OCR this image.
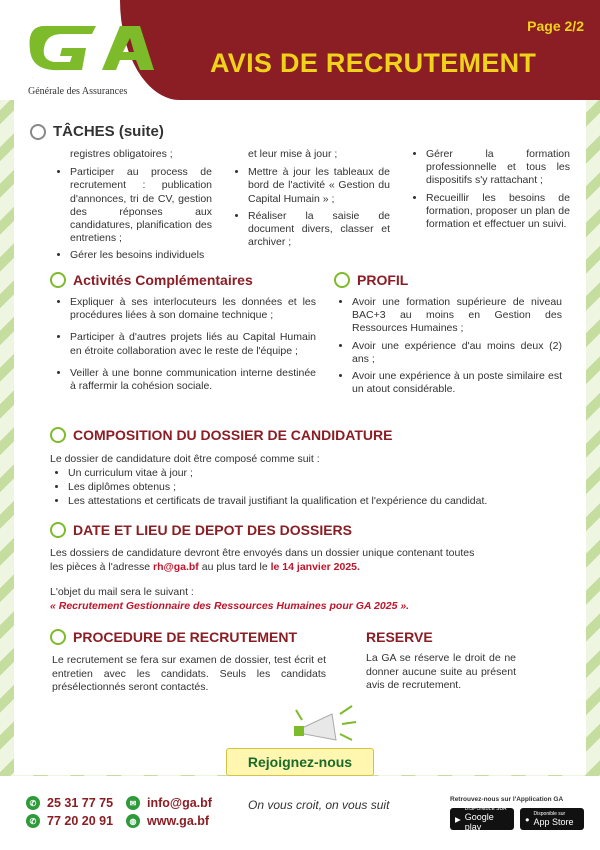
GA
Générale des Assurances
Page 2/2
AVIS DE RECRUTEMENT
TÂCHES (suite)

registres obligatoires ;

• Participer au process de recrutement : publication d'annonces, tri de CV, gestion des réponses aux candidatures, planification des entretiens ;
• Gérer les besoins individuels

et leur mise à jour ;

• Mettre à jour les tableaux de bord de l'activité « Gestion du Capital Humain » ;
• Réaliser la saisie de document divers, classer et archiver ;
• Gérer la formation professionnelle et tous les dispositifs s'y rattachant ;
• Recueillir les besoins de formation, proposer un plan de formation et effectuer un suivi.
Activités Complémentaires
• Expliquer à ses interlocuteurs les données et les procédures liées à son domaine technique ;
• Participer à d'autres projets liés au Capital Humain en étroite collaboration avec le reste de l'équipe ;
• Veiller à une bonne communication interne destinée à raffermir la cohésion sociale.
PROFIL
• Avoir une formation supérieure de niveau BAC+3 au moins en Gestion des Ressources Humaines ;
• Avoir une expérience d'au moins deux (2) ans ;
• Avoir une expérience à un poste similaire est un atout considérable.
COMPOSITION DU DOSSIER DE CANDIDATURE
Le dossier de candidature doit être composé comme suit :
• Un curriculum vitae à jour ;
• Les diplômes obtenus ;
• Les attestations et certificats de travail justifiant la qualification et l'expérience du candidat.
DATE ET LIEU DE DEPOT DES DOSSIERS
Les dossiers de candidature devront être envoyés dans un dossier unique contenant toutes les pièces à l'adresse rh@ga.bf au plus tard le le 14 janvier 2025.
L'objet du mail sera le suivant :
« Recrutement Gestionnaire des Ressources Humaines pour GA 2025 ».
PROCEDURE DE RECRUTEMENT

Le recrutement se fera sur examen de dossier, test écrit et entretien avec les candidats. Seuls les candidats présélectionnés seront contactés.

RESERVE

La GA se réserve le droit de ne donner aucune suite au présent avis de recrutement.

Rejoignez-nous
✆ 25 31 77 75
✆ 77 20 20 91
✉ info@ga.bf
◍ www.ga.bf
On vous croit, on vous suit	Retrouvez-nous sur l'Application GA
▶
DISPONIBLE SUR
Google play
●
Disponible sur
App Store
